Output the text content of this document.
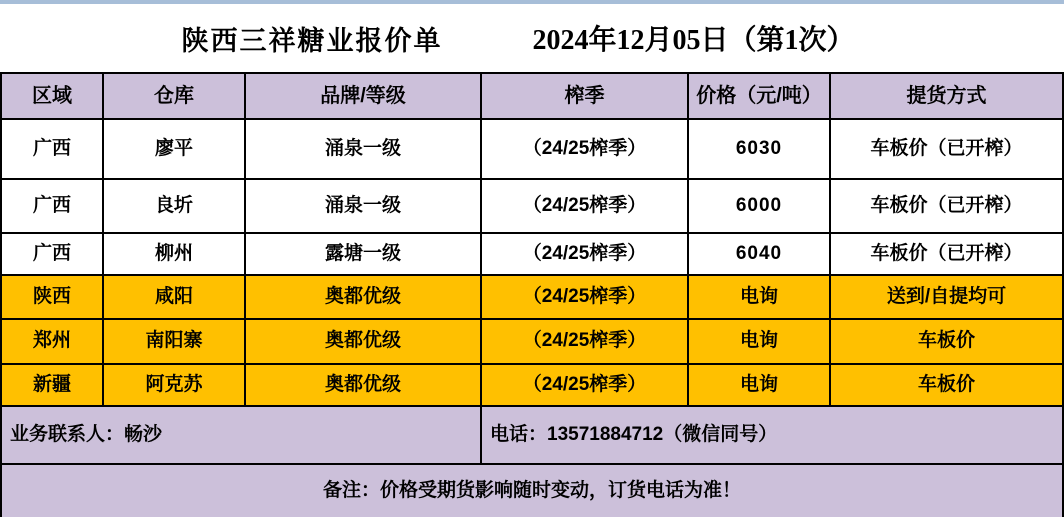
陕西三祥糖业报价单	2024年12月05日（第1次）
区域	仓库	品牌/等级	榨季	价格（元/吨）	提货方式
广西	廖平	涌泉一级	（24/25榨季）	6030	车板价（已开榨）
广西	良圻	涌泉一级	（24/25榨季）	6000	车板价（已开榨）
广西	柳州	露塘一级	（24/25榨季）	6040	车板价（已开榨）
陕西	咸阳	奥都优级	（24/25榨季）	电询	送到/自提均可
郑州	南阳寨	奥都优级	（24/25榨季）	电询	车板价
新疆	阿克苏	奥都优级	（24/25榨季）	电询	车板价
业务联系人：畅沙	电话：13571884712（微信同号）
备注：价格受期货影响随时变动，订货电话为准！
